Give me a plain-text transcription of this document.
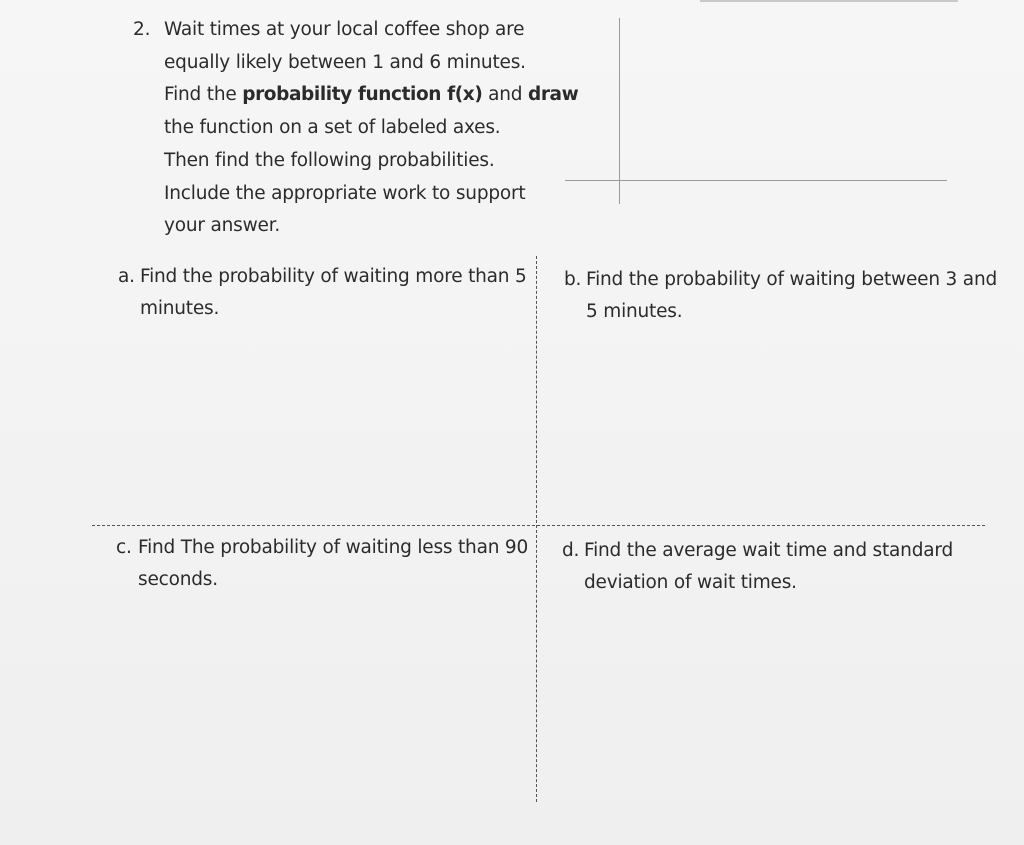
2. Wait times at your local coffee shop are
equally likely between 1 and 6 minutes.
Find the probability function f(x) and draw
the function on a set of labeled axes.
Then find the following probabilities.
Include the appropriate work to support
your answer.
a. Find the probability of waiting more than 5
minutes.
b. Find the probability of waiting between 3 and
5 minutes.
c. Find The probability of waiting less than 90
seconds.
d. Find the average wait time and standard
deviation of wait times.
